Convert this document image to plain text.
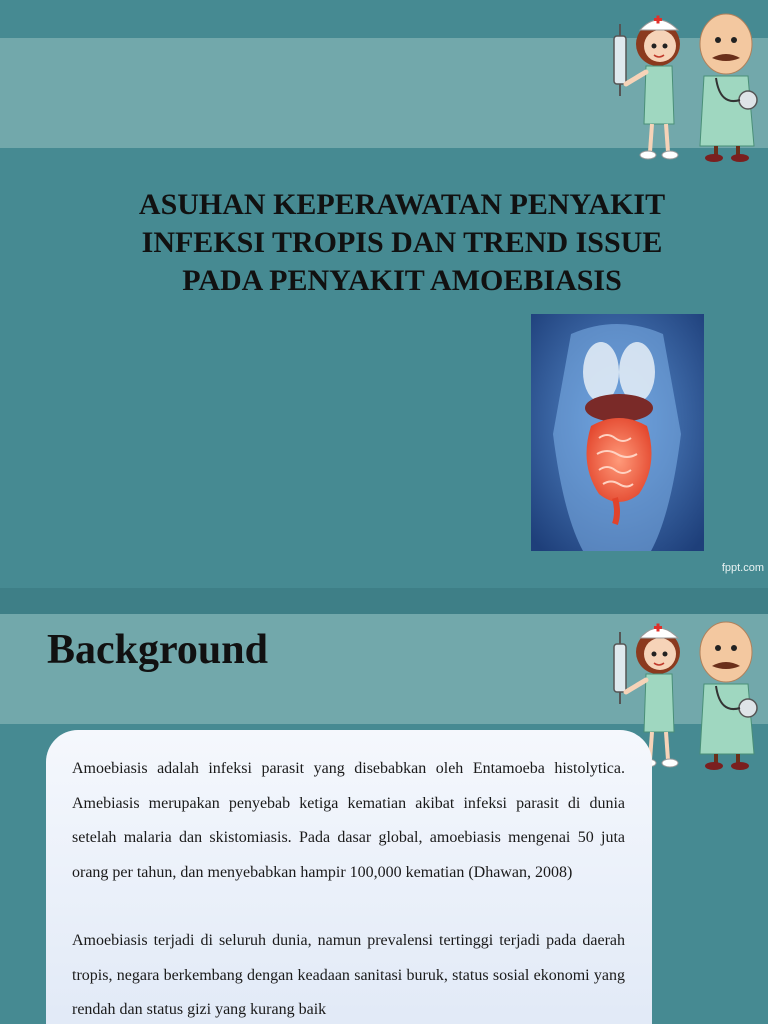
ASUHAN KEPERAWATAN PENYAKIT
INFEKSI TROPIS DAN TREND ISSUE
PADA PENYAKIT AMOEBIASIS
fppt.com
Background

Amoebiasis adalah infeksi parasit yang disebabkan oleh Entamoeba histolytica. Amebiasis merupakan penyebab ketiga kematian akibat infeksi parasit di dunia setelah malaria dan skistomiasis. Pada dasar global, amoebiasis mengenai 50 juta orang per tahun, dan menyebabkan hampir 100,000 kematian (Dhawan, 2008)

Amoebiasis terjadi di seluruh dunia, namun prevalensi tertinggi terjadi pada daerah tropis, negara berkembang dengan keadaan sanitasi buruk, status sosial ekonomi yang rendah dan status gizi yang kurang baik
